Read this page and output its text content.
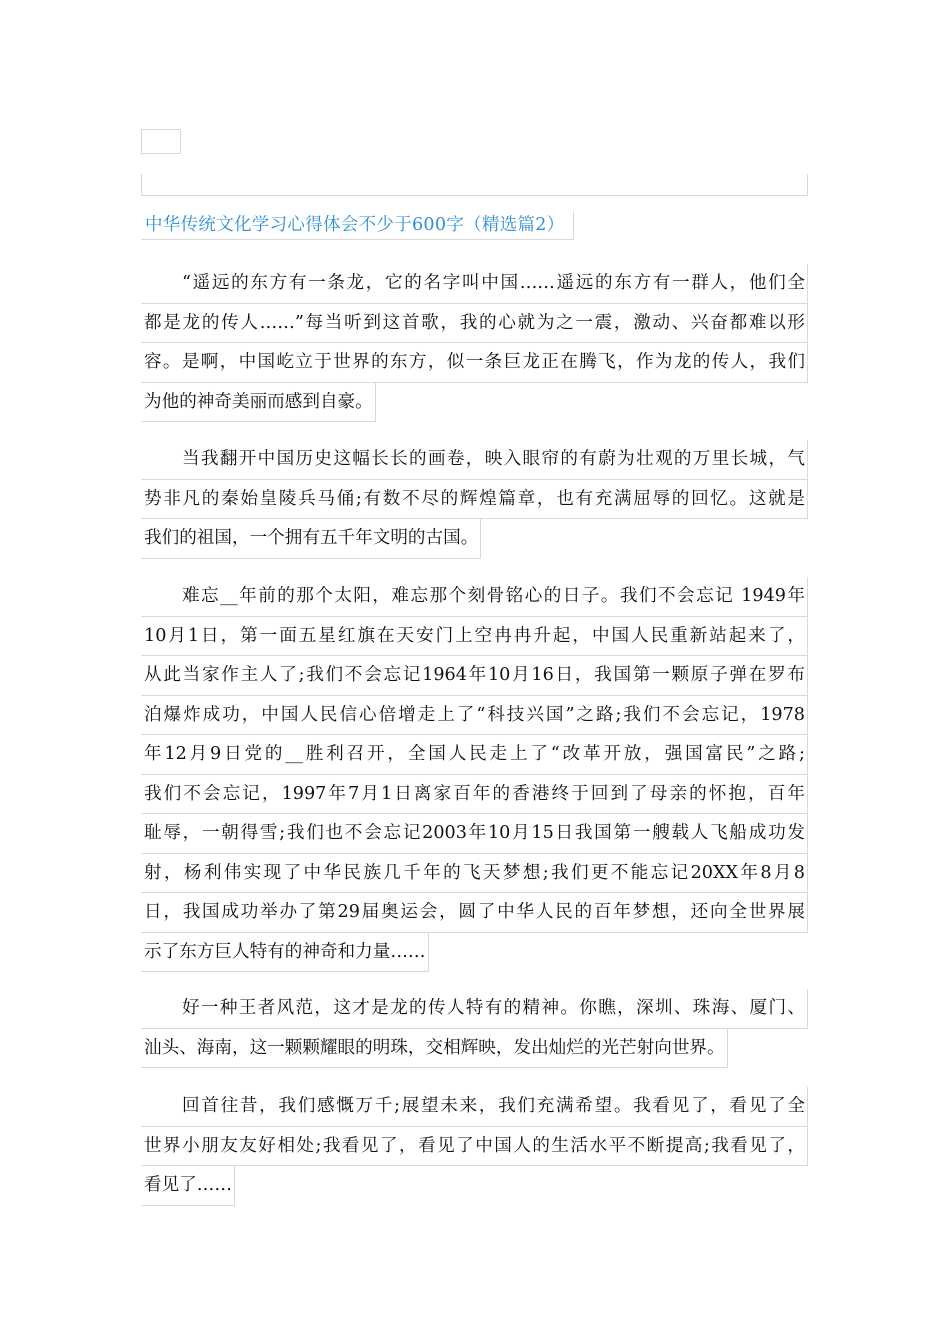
中华传统文化学习心得体会不少于600字（精选篇2）
“遥远的东方有一条龙，它的名字叫中国……遥远的东方有一群人，他们全
都是龙的传人……”每当听到这首歌，我的心就为之一震，激动、兴奋都难以形
容。是啊，中国屹立于世界的东方，似一条巨龙正在腾飞，作为龙的传人，我们
为他的神奇美丽而感到自豪。
当我翻开中国历史这幅长长的画卷，映入眼帘的有蔚为壮观的万里长城，气
势非凡的秦始皇陵兵马俑;有数不尽的辉煌篇章，也有充满屈辱的回忆。这就是
我们的祖国，一个拥有五千年文明的古国。
难忘__年前的那个太阳，难忘那个刻骨铭心的日子。我们不会忘记 1949年
10月1日，第一面五星红旗在天安门上空冉冉升起，中国人民重新站起来了，
从此当家作主人了;我们不会忘记1964年10月16日，我国第一颗原子弹在罗布
泊爆炸成功，中国人民信心倍增走上了“科技兴国”之路;我们不会忘记，1978
年12月9日党的__胜利召开，全国人民走上了“改革开放，强国富民”之路;
我们不会忘记，1997年7月1日离家百年的香港终于回到了母亲的怀抱，百年
耻辱，一朝得雪;我们也不会忘记2003年10月15日我国第一艘载人飞船成功发
射，杨利伟实现了中华民族几千年的飞天梦想;我们更不能忘记20XX年8月8
日，我国成功举办了第29届奥运会，圆了中华人民的百年梦想，还向全世界展
示了东方巨人特有的神奇和力量……
好一种王者风范，这才是龙的传人特有的精神。你瞧，深圳、珠海、厦门、
汕头、海南，这一颗颗耀眼的明珠，交相辉映，发出灿烂的光芒射向世界。
回首往昔，我们感慨万千;展望未来，我们充满希望。我看见了，看见了全
世界小朋友友好相处;我看见了，看见了中国人的生活水平不断提高;我看见了，
看见了……
